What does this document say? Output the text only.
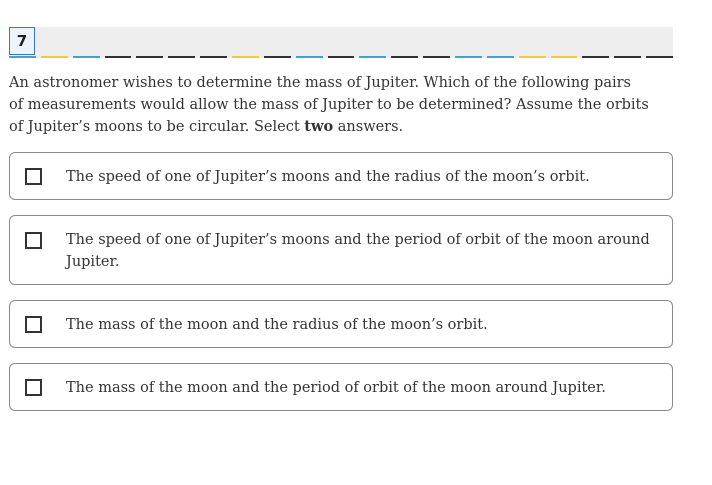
7
An astronomer wishes to determine the mass of Jupiter. Which of the following pairs of measurements would allow the mass of Jupiter to be determined? Assume the orbits of Jupiter’s moons to be circular. Select two answers.
The speed of one of Jupiter’s moons and the radius of the moon’s orbit.
The speed of one of Jupiter’s moons and the period of orbit of the moon around Jupiter.
The mass of the moon and the radius of the moon’s orbit.
The mass of the moon and the period of orbit of the moon around Jupiter.
